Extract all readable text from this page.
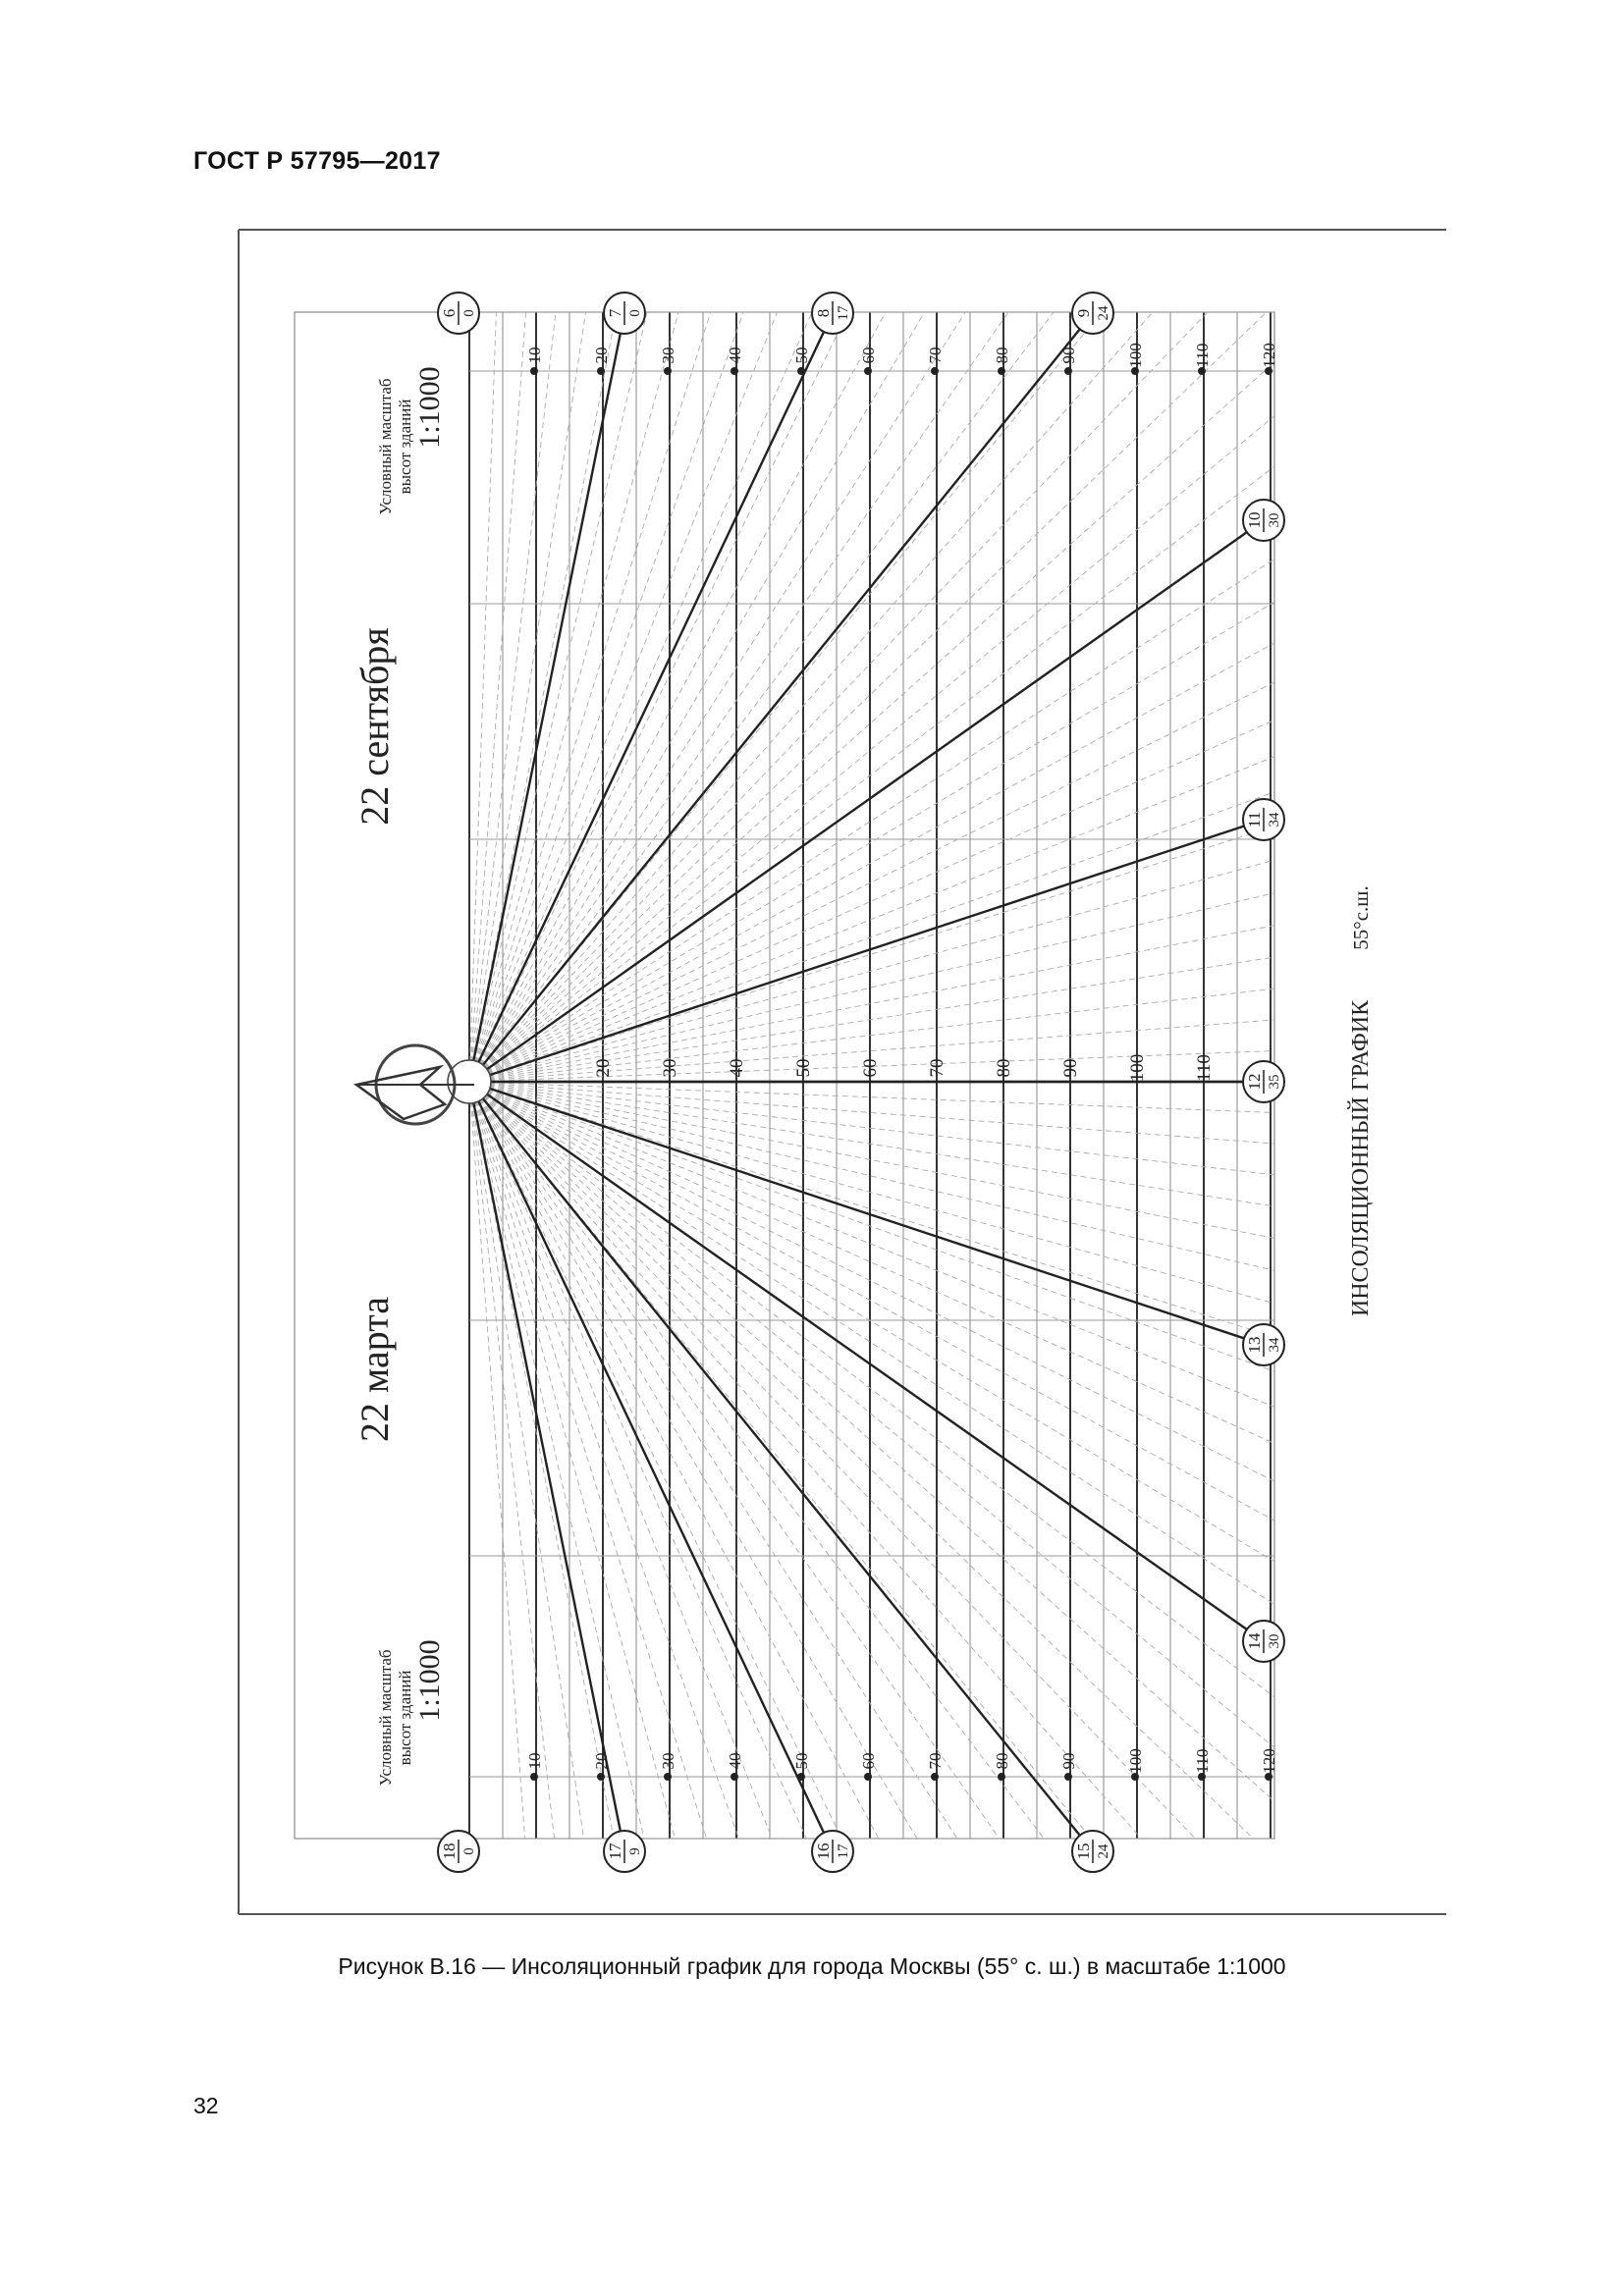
ГОСТ Р 57795—2017
10
10
20
20
20
30
30
30
40
40
40
50
50
50
60
60
60
70
70
70
80
80
80
90
90
90
100
100
100
110
110
110
120
120
6 0	7 0	8 17	9 24
10 30
11 34
12 35
13 34
14 30
15 24
16 17
17 9
18 0
22 сентября
22 марта
ИНСОЛЯЦИОННЫЙ ГРАФИК
55°с.ш.
Условный масштаб высот зданий 1:1000
Условный масштаб высот зданий 1:1000
Рисунок В.16 — Инсоляционный график для города Москвы (55° с. ш.) в масштабе 1:1000
32
